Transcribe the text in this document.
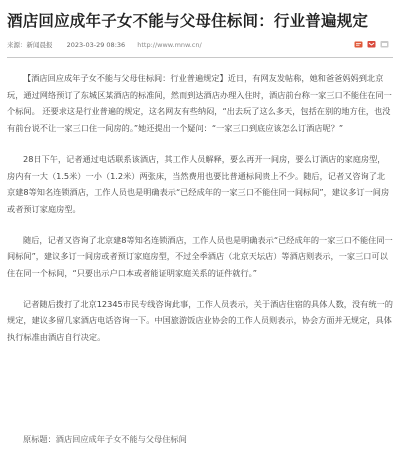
酒店回应成年子女不能与父母住标间：行业普遍规定
来源：新闻晨报 2023-03-29 08:36 http://www.mnw.cn/

【酒店回应成年子女不能与父母住标间：行业普遍规定】近日，有网友发帖称，她和爸爸妈妈到北京玩，通过网络预订了东城区某酒店的标准间，然而到达酒店办理入住时，酒店前台称一家三口不能住在同一个标间。 还要求这是行业普遍的规定，这名网友有些纳闷，“出去玩了这么多天，包括在别的地方住，也没有前台说不让一家三口住一间房的。”她还提出一个疑问：“一家三口到底应该怎么订酒店呢？”

28日下午，记者通过电话联系该酒店，其工作人员解释，要么再开一间房，要么订酒店的家庭房型，房内有一大（1.5米）一小（1.2米）两张床，当然费用也要比普通标间贵上不少。随后，记者又咨询了北京建8等知名连锁酒店，工作人员也是明确表示“已经成年的一家三口不能住同一间标间”，建议多订一间房或者预订家庭房型。

随后，记者又咨询了北京建8等知名连锁酒店，工作人员也是明确表示“已经成年的一家三口不能住同一间标间”，建议多订一间房或者预订家庭房型，不过全季酒店（北京天坛店）等酒店则表示，一家三口可以住在同一个标间，“只要出示户口本或者能证明家庭关系的证件就行。”

记者随后拨打了北京12345市民专线咨询此事，工作人员表示，关于酒店住宿的具体人数，没有统一的规定，建议多留几家酒店电话咨询一下。中国旅游饭店业协会的工作人员则表示，协会方面并无规定，具体执行标准由酒店自行决定。

原标题：酒店回应成年子女不能与父母住标间
